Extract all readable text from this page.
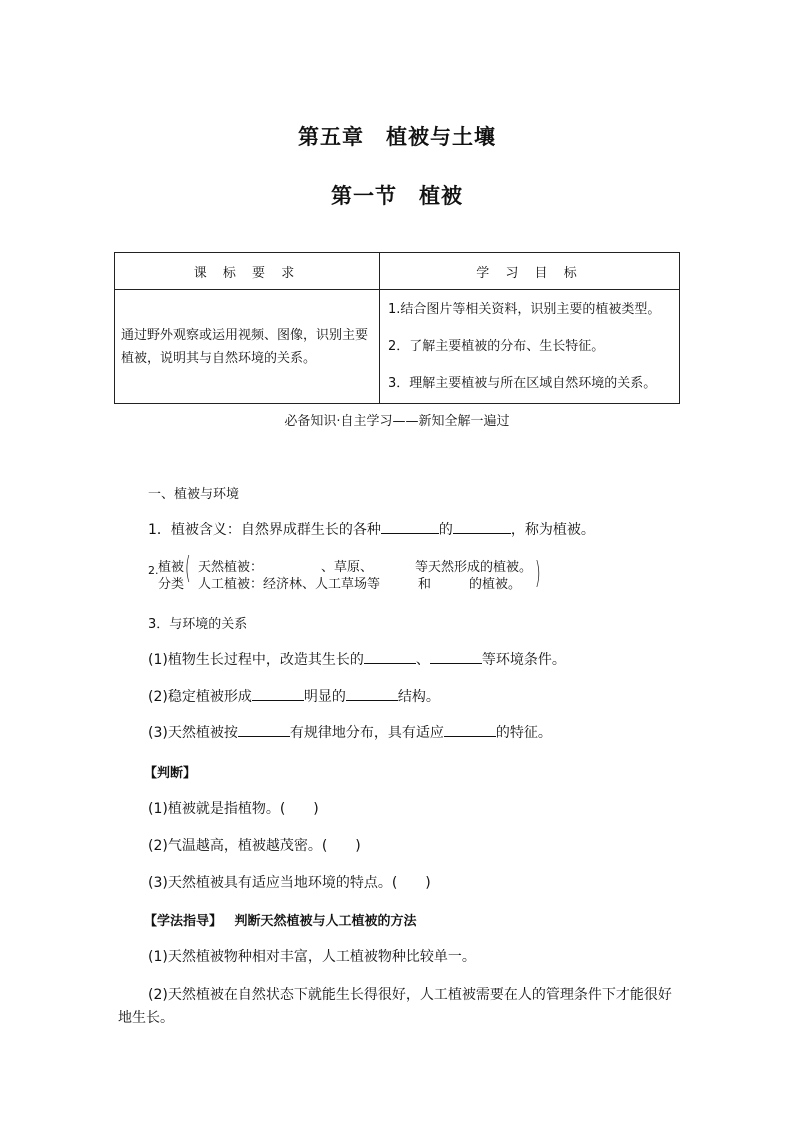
第五章　植被与土壤
第一节　植被
课 标 要 求	学 习 目 标
通过野外观察或运用视频、图像，识别主要植被，说明其与自然环境的关系。	1.结合图片等相关资料，识别主要的植被类型。
2．了解主要植被的分布、生长特征。
3．理解主要植被与所在区域自然环境的关系。
必备知识·自主学习——新知全解一遍过
一、植被与环境
1．植被含义：自然界成群生长的各种	的	，称为植被。
2. 植被
分类 ( 天然植被：	、草原、	等天然形成的植被。
人工植被：经济林、人工草场等	和	的植被。 )
3．与环境的关系
(1)植物生长过程中，改造其生长的	、	等环境条件。
(2)稳定植被形成	明显的	结构。
(3)天然植被按	有规律地分布，具有适应	的特征。
【判断】
(1)植被就是指植物。(　　)
(2)气温越高，植被越茂密。(　　)
(3)天然植被具有适应当地环境的特点。(　　)
【学法指导】 判断天然植被与人工植被的方法
(1)天然植被物种相对丰富，人工植被物种比较单一。
(2)天然植被在自然状态下就能生长得很好，人工植被需要在人的管理条件下才能很好
地生长。
